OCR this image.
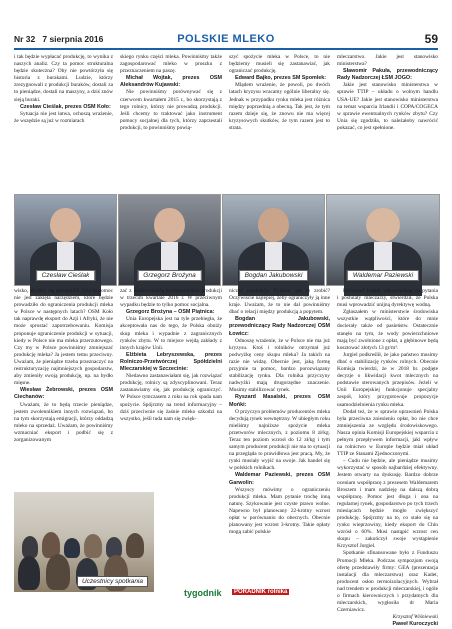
Nr 32 7 sierpnia 2016	POLSKIE MLEKO	59

i tak będzie wypłacać produkcję, to wynika z naszych analiz. Czy ta pomoc strukturalna będzie skuteczna? Oby nie powtórzyła się historia z burakami. Ludzie, którzy zrezygnowali z produkcji buraków, dostali za to pieniądze, dostali na maszyny, a dziś znów sieją buraki.

Czesław Cieślak, prezes OSM Koło:

Sytuacja nie jest łatwa, ochoszą wrażenie, że wszędzie są już w rozmiarach

skiego rynku części mleka. Powinniśmy także zagospodarować mleko w proszku z przeznaczeniem na paszę.

Michał Wojtak, prezes OSM Aleksandrów Kujawski:

Nie powinniśmy porównywać się z czerwcem kwartałem 2015 r., bo skorzystają z tego rolnicy, którzy nie prowadzą produkcji. Jeśli chcemy to traktować jako instrument pomocy socjalnej dla tych, którzy zaprzestali produkcji, to powinniśmy powią-

szyć spożycie mleka w Polsce, to nie będziemy musieli się zastanawiać, jak ograniczać produkcję.

Edward Bajko, prezes SM Spomlek:

Mlądem wrażenie, że powoli, po dwóch latach kryzysu wracamy ogólnie liberalny się. Jednak w przypadku rynku mleka jest różnica między poprzednią a obecną. Tak jest, że tym razem dzieje się, że znowu nie ma więcej kryzysowych skutków, że tym razem jest to strata.

Czesław Cieślak	Grzegorz Brożyna	Bogdan Jakubowski	Waldemar Paziewski

wisko, abyśmy się porozmieli. Czy ta pomoc nie jest zaklęta narzędziem, które będzie prowadziło do ograniczenia produkcji mleka w Polsce w następnych latach? OSM Koło tak naprawdę eksport do Azji i Afryki, że nie może sprostać zapotrzebowaniu. Komisja proponuje ograniczenie produkcji w sytuacji, kiedy w Polsce nie ma mleka przerzutowego. Czy my w Polsce powinniśmy zmniejszać produkcję mleka? Ja jestem temu przeciwny. Uważam, że pieniądze trzeba przeznaczyć na restrukturyzację najmniejszych gospodarstw, aby zmieniły swoją produkcję, np. na bydło mięsne.

Wiesław Żebrowski, prezes OSM Ciechanów:

Uważam, że to będą trzecie pieniądze, jestem zwolennikiem innych rozwiązań, bo na tym skorzystają emigracji, którzy oddadzą mleko na sprzedaż. Uważam, że powinniśmy wzmacniać eksport i podbić się z zorganizowanym

zać z koniecznością kontynuowania produkcji w trzecim kwartale 2016 r. W przeciwnym wypadku będzie to tylko pomoc socjalna.

Grzegorz Brożyna – OSM Piątnica:

Unia Europejska jest na tyle przebiegła, że akceptowała nas do tego, że Polska obniży skup mleka i wypadnie z zagranicznych rynków zbytu. W to miejsce wejdą zakłady z innych krajów Unii.

Elżbieta Lebryszewska, prezes Rolniczo-Przetwórczej Spółdzielni Mleczarskiej w Szczecinie:

Niedawno zastanawiałam się, jak rozwiązać produkcję, rolnicy są zdyscyplinowani. Teraz zastanawiamy się, jak produkcję ograniczyć. W Polsce tymczasem z roku na rok spada nam spożycie. Spójrzmy na trend informacyjny – dziś przeciwnie się żaśnie mleko szkodzi na wszystko, jeśli tuda nam się zwięk-

niczyć produkcję. Pytanie, jak to zrobić? Oczywiście najlepiej, żeby ograniczyły ją inne kraje. Uważam, że to nie dal powinniśmy dbać o relacji między produkcją a popytem.

Bogdan Jakubowski, przewodniczący Rady Nadzorczej OSM Łowicz:

Odnoszę wrażenie, że w Polsce nie ma już kryzysu. Ktoś i rolników otrzymał już podwyżkę ceny skupu mleka? Ja takich na razie nie widzę. Obecnie jest, jaką formę przyjmie ta pomoc, bardzo porozwiązany stabilizację rynku. Dla rolnika przyczyny nadwyżki mają drugorzędne znaczenie. Musimy stabilizować rynek.

Ryszard Masalski, prezes OSM Mońki:

O przyczyn problemów producentów mleka decydują rynek wewnętrzny. W ubiegłym roku mieliśmy najniższe spożycie mleka przetworów mlecznych, z poziomu 8 zł/kg. Teraz ten poziom wzrosł do 12 zł/kg i tym samym producent produkcji nie ma to sytuacji na przegląda to prawidłowa jest pracą. My, że rynki musiały wyjść na swoje. Jak handel się w polskich rolnikach.

Waldemar Paziewski, prezes OSM Garwolin:

Wszyscy mówimy o ograniczeniu produkcji mleka. Mam pytanie trochę inną naturę. Szykowanie jest czyste prawo wolne. Napewno był planowany 22-krotny wzrost opłat w porównaniu do obecnych. Obecnie planowany jest wzrost 3-krotny. Takie opłaty mogą zabić polskie

mleczarstwo. Jakie jest stanowisko ministerstwa?

Sławomir Pakuła, przewodniczący Rady Nadzorczej ŁSM JOGO:

Jakie jest stanowisko ministerstwa w sprawie TTIP – układu o wolnym handlu USA-UE? Jakie jest stanowisko ministerstwa na temat wsparcia Irlandii i COPA/COGECA w sprawie ewentualnych rynków zbytu? Czy Unia się zgodziła, to należałoby nawrócić pokazać, co jest spełnione.

Krzysztof Jurgiel, odpowiadając na pytania i postulaty mleczarzy, stwierdził, że Polska musi wprowadzić unijną dyrektywę wodną.

Zgłaszałem w ministerstwie środowiska wszystkie wątpliwości, które do mnie docierały także od pasieństw. Ostatecznie stanęło na tym, że wody powierzchniowe mają być zwolnione z opłat, a głębinowe będą kosztować złotych 13 gr/m³.

Jurgiel podkreślił, że jako państwo musimy dbać o stabilizację rynków rolnych. Obecnie Komisja twierdzi, że w 2018 br. podjęte decyzje o likwidacji kwot mlecznych na podstawie sterowanych przepisów. Jeżeli w Unii Europejskiej funkcjonuje specjalny zespół, który przygotowuje propozycje usamodzielnienia rynku mleka.

Dodał też, że w sprawie uprawnień Polska była przeciwna zniesieniu opłat, bo nie chce zmniejszenia ze względu środowiskowego. Nasza opinia Komisji Europejskiej wsparcia z pełnym przepływem informacji, jaki wpływ na rolnictwo w Europie będzie miał układ TTIP ze Stanami Zjednoczonymi.

– Cudu nie będzie, ale pieniądze musimy wykorzystać w sposób najbardziej efektywny. Jestem otwarty na dyskusję. Bardzo dobrze oceniam współpracę z prezesem Waldemarem Broszem i mam nadzieję na dalszą dobrą współpracę. Pomoc jest długa i ona na regularnej rynek, gospodarstwo po tych trzech miesiącach będzie mogło zwiększyć produkcję. Spójrzmy na to, co stało się na rynku wieprzowiny, kiedy eksport do Chin wzrósł o 60%. Musi nastąpić wzrost cen skupu – zakończył swoje wystąpienie Krzysztof Jurgiel.

Spotkanie sfinansowane było z Funduszu Promocji Mleka. Podczas sympozjum swoją ofertę przedstawiły firmy: GEA (prezentacja instalacji dla mleczarstwa) oraz Kadet, producent osłon termoizolacyjnych. Wybrał nad trendem w produkcji mleczarskiej, i ogóle o firmach kierowniczych i przydatnych dla mleczarskich, wygłosiła dr Maria Czerniawicz.

Krzysztof Wiśniewski

Paweł Kuroczycki

Uczestnicy spotkania
tygodnik	PORADNIK rolnika
